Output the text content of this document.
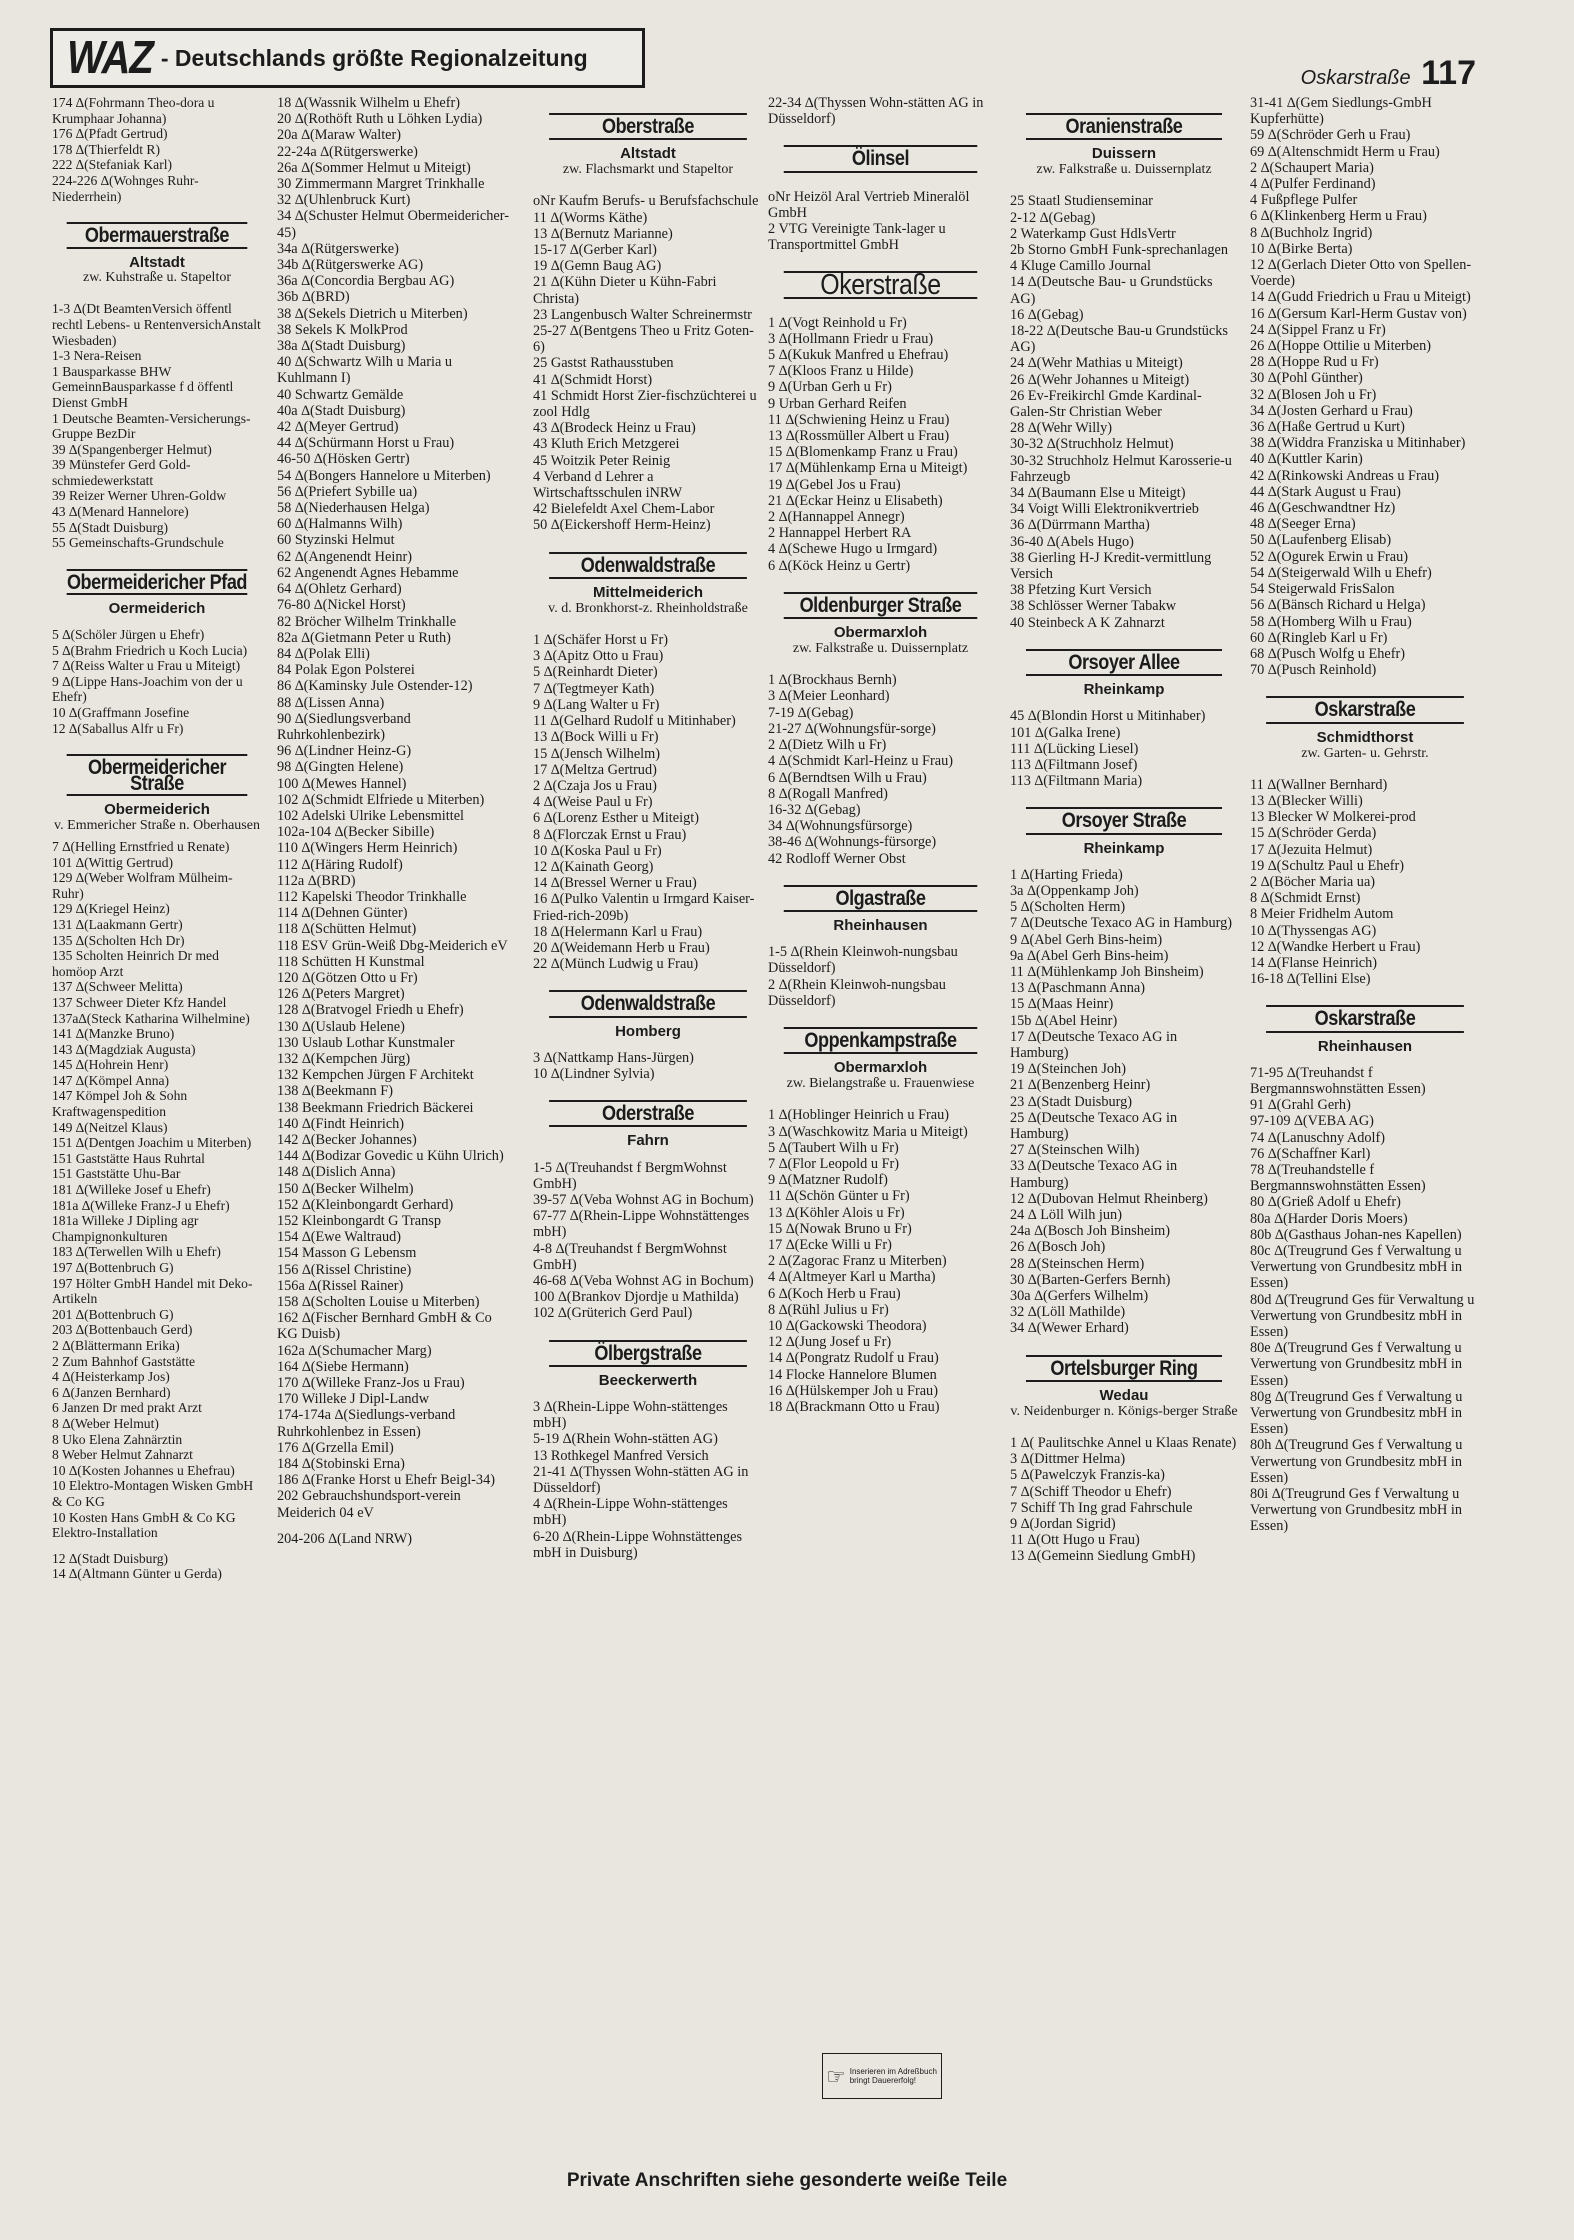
WAZ - Deutschlands größte Regionalzeitung
Oskarstraße 117
174 ∆(Fohrmann Theo-dora u Krumphaar Johanna)
176 ∆(Pfadt Gertrud)
178 ∆(Thierfeldt R)
222 ∆(Stefaniak Karl)
224-226 ∆(Wohnges Ruhr-Niederrhein)
Obermauerstraße
Altstadt
zw. Kuhstraße u. Stapeltor
1-3 ∆(Dt BeamtenVersich öffentl rechtl Lebens- u RentenversichAnstalt Wiesbaden)
1-3 Nera-Reisen
1 Bausparkasse BHW GemeinnBausparkasse f d öffentl Dienst GmbH
1 Deutsche Beamten-Versicherungs-Gruppe BezDir
39 ∆(Spangenberger Helmut)
39 Münstefer Gerd Gold-schmiedewerkstatt
39 Reizer Werner Uhren-Goldw
43 ∆(Menard Hannelore)
55 ∆(Stadt Duisburg)
55 Gemeinschafts-Grundschule
Obermeidericher Pfad
Oermeiderich
5 ∆(Schöler Jürgen u Ehefr)
5 ∆(Brahm Friedrich u Koch Lucia)
7 ∆(Reiss Walter u Frau u Miteigt)
9 ∆(Lippe Hans-Joachim von der u Ehefr)
10 ∆(Graffmann Josefine
12 ∆(Saballus Alfr u Fr)
Obermeidericher Straße
Obermeiderich
v. Emmericher Straße n. Oberhausen
7 ∆(Helling Ernstfried u Renate)
101 ∆(Wittig Gertrud)
129 ∆(Weber Wolfram Mülheim-Ruhr)
129 ∆(Kriegel Heinz)
131 ∆(Laakmann Gertr)
135 ∆(Scholten Hch Dr)
135 Scholten Heinrich Dr med homöop Arzt
137 ∆(Schweer Melitta)
137 Schweer Dieter Kfz Handel
137a∆(Steck Katharina Wilhelmine)
141 ∆(Manzke Bruno)
143 ∆(Magdziak Augusta)
145 ∆(Hohrein Henr)
147 ∆(Kömpel Anna)
147 Kömpel Joh & Sohn Kraftwagenspedition
149 ∆(Neitzel Klaus)
151 ∆(Dentgen Joachim u Miterben)
151 Gaststätte Haus Ruhrtal
151 Gaststätte Uhu-Bar
181 ∆(Willeke Josef u Ehefr)
181a ∆(Willeke Franz-J u Ehefr)
181a Willeke J Dipling agr Champignonkulturen
183 ∆(Terwellen Wilh u Ehefr)
197 ∆(Bottenbruch G)
197 Hölter GmbH Handel mit Deko-Artikeln
201 ∆(Bottenbruch G)
203 ∆(Bottenbauch Gerd)
2 ∆(Blättermann Erika)
2 Zum Bahnhof Gaststätte
4 ∆(Heisterkamp Jos)
6 ∆(Janzen Bernhard)
6 Janzen Dr med prakt Arzt
8 ∆(Weber Helmut)
8 Uko Elena Zahnärztin
8 Weber Helmut Zahnarzt
10 ∆(Kosten Johannes u Ehefrau)
10 Elektro-Montagen Wisken GmbH & Co KG
10 Kosten Hans GmbH & Co KG Elektro-Installation
12 ∆(Stadt Duisburg)
14 ∆(Altmann Günter u Gerda)
18 ∆(Wassnik Wilhelm u Ehefr)
20 ∆(Rothöft Ruth u Löhken Lydia)
20a ∆(Maraw Walter)
22-24a ∆(Rütgerswerke)
26a ∆(Sommer Helmut u Miteigt)
30 Zimmermann Margret Trinkhalle
32 ∆(Uhlenbruck Kurt)
34 ∆(Schuster Helmut Obermeidericher-45)
34a ∆(Rütgerswerke)
34b ∆(Rütgerswerke AG)
36a ∆(Concordia Bergbau AG)
36b ∆(BRD)
38 ∆(Sekels Dietrich u Miterben)
38 Sekels K MolkProd
38a ∆(Stadt Duisburg)
40 ∆(Schwartz Wilh u Maria u Kuhlmann I)
40 Schwartz Gemälde
40a ∆(Stadt Duisburg)
42 ∆(Meyer Gertrud)
44 ∆(Schürmann Horst u Frau)
46-50 ∆(Hösken Gertr)
54 ∆(Bongers Hannelore u Miterben)
56 ∆(Priefert Sybille ua)
58 ∆(Niederhausen Helga)
60 ∆(Halmanns Wilh)
60 Styzinski Helmut
62 ∆(Angenendt Heinr)
62 Angenendt Agnes Hebamme
64 ∆(Ohletz Gerhard)
76-80 ∆(Nickel Horst)
82 Bröcher Wilhelm Trinkhalle
82a ∆(Gietmann Peter u Ruth)
84 ∆(Polak Elli)
84 Polak Egon Polsterei
86 ∆(Kaminsky Jule Ostender-12)
88 ∆(Lissen Anna)
90 ∆(Siedlungsverband Ruhrkohlenbezirk)
96 ∆(Lindner Heinz-G)
98 ∆(Gingten Helene)
100 ∆(Mewes Hannel)
102 ∆(Schmidt Elfriede u Miterben)
102 Adelski Ulrike Lebensmittel
102a-104 ∆(Becker Sibille)
110 ∆(Wingers Herm Heinrich)
112 ∆(Häring Rudolf)
112a ∆(BRD)
112 Kapelski Theodor Trinkhalle
114 ∆(Dehnen Günter)
118 ∆(Schütten Helmut)
118 ESV Grün-Weiß Dbg-Meiderich eV
118 Schütten H Kunstmal
120 ∆(Götzen Otto u Fr)
126 ∆(Peters Margret)
128 ∆(Bratvogel Friedh u Ehefr)
130 ∆(Uslaub Helene)
130 Uslaub Lothar Kunstmaler
132 ∆(Kempchen Jürg)
132 Kempchen Jürgen F Architekt
138 ∆(Beekmann F)
138 Beekmann Friedrich Bäckerei
140 ∆(Findt Heinrich)
142 ∆(Becker Johannes)
144 ∆(Bodizar Govedic u Kühn Ulrich)
148 ∆(Dislich Anna)
150 ∆(Becker Wilhelm)
152 ∆(Kleinbongardt Gerhard)
152 Kleinbongardt G Transp
154 ∆(Ewe Waltraud)
154 Masson G Lebensm
156 ∆(Rissel Christine)
156a ∆(Rissel Rainer)
158 ∆(Scholten Louise u Miterben)
162 ∆(Fischer Bernhard GmbH & Co KG Duisb)
162a ∆(Schumacher Marg)
164 ∆(Siebe Hermann)
170 ∆(Willeke Franz-Jos u Frau)
170 Willeke J Dipl-Landw
174-174a ∆(Siedlungs-verband Ruhrkohlenbez in Essen)
176 ∆(Grzella Emil)
184 ∆(Stobinski Erna)
186 ∆(Franke Horst u Ehefr Beigl-34)
202 Gebrauchshundsport-verein Meiderich 04 eV
204-206 ∆(Land NRW)
Oberstraße
Altstadt
zw. Flachsmarkt und Stapeltor
oNr Kaufm Berufs- u Berufsfachschule
11 ∆(Worms Käthe)
13 ∆(Bernutz Marianne)
15-17 ∆(Gerber Karl)
19 ∆(Gemn Baug AG)
21 ∆(Kühn Dieter u Kühn-Fabri Christa)
23 Langenbusch Walter Schreinermstr
25-27 ∆(Bentgens Theo u Fritz Goten-6)
25 Gastst Rathausstuben
41 ∆(Schmidt Horst)
41 Schmidt Horst Zier-fischzüchterei u zool Hdlg
43 ∆(Brodeck Heinz u Frau)
43 Kluth Erich Metzgerei
45 Woitzik Peter Reinig
4 Verband d Lehrer a Wirtschaftsschulen iNRW
42 Bielefeldt Axel Chem-Labor
50 ∆(Eickershoff Herm-Heinz)
Odenwaldstraße
Mittelmeiderich
v. d. Bronkhorst-z. Rheinholdstraße
1 ∆(Schäfer Horst u Fr)
3 ∆(Apitz Otto u Frau)
5 ∆(Reinhardt Dieter)
7 ∆(Tegtmeyer Kath)
9 ∆(Lang Walter u Fr)
11 ∆(Gelhard Rudolf u Mitinhaber)
13 ∆(Bock Willi u Fr)
15 ∆(Jensch Wilhelm)
17 ∆(Meltza Gertrud)
2 ∆(Czaja Jos u Frau)
4 ∆(Weise Paul u Fr)
6 ∆(Lorenz Esther u Miteigt)
8 ∆(Florczak Ernst u Frau)
10 ∆(Koska Paul u Fr)
12 ∆(Kainath Georg)
14 ∆(Bressel Werner u Frau)
16 ∆(Pulko Valentin u Irmgard Kaiser-Fried-rich-209b)
18 ∆(Helermann Karl u Frau)
20 ∆(Weidemann Herb u Frau)
22 ∆(Münch Ludwig u Frau)
Odenwaldstraße
Homberg
3 ∆(Nattkamp Hans-Jürgen)
10 ∆(Lindner Sylvia)
Oderstraße
Fahrn
1-5 ∆(Treuhandst f BergmWohnst GmbH)
39-57 ∆(Veba Wohnst AG in Bochum)
67-77 ∆(Rhein-Lippe Wohnstättenges mbH)
4-8 ∆(Treuhandst f BergmWohnst GmbH)
46-68 ∆(Veba Wohnst AG in Bochum)
100 ∆(Brankov Djordje u Mathilda)
102 ∆(Grüterich Gerd Paul)
Ölbergstraße
Beeckerwerth
3 ∆(Rhein-Lippe Wohn-stättenges mbH)
5-19 ∆(Rhein Wohn-stätten AG)
13 Rothkegel Manfred Versich
21-41 ∆(Thyssen Wohn-stätten AG in Düsseldorf)
4 ∆(Rhein-Lippe Wohn-stättenges mbH)
6-20 ∆(Rhein-Lippe Wohnstättenges mbH in Duisburg)
22-34 ∆(Thyssen Wohn-stätten AG in Düsseldorf)
Ölinsel
oNr Heizöl Aral Vertrieb Mineralöl GmbH
2 VTG Vereinigte Tank-lager u Transportmittel GmbH
Okerstraße
1 ∆(Vogt Reinhold u Fr)
3 ∆(Hollmann Friedr u Frau)
5 ∆(Kukuk Manfred u Ehefrau)
7 ∆(Kloos Franz u Hilde)
9 ∆(Urban Gerh u Fr)
9 Urban Gerhard Reifen
11 ∆(Schwiening Heinz u Frau)
13 ∆(Rossmüller Albert u Frau)
15 ∆(Blomenkamp Franz u Frau)
17 ∆(Mühlenkamp Erna u Miteigt)
19 ∆(Gebel Jos u Frau)
21 ∆(Eckar Heinz u Elisabeth)
2 ∆(Hannappel Annegr)
2 Hannappel Herbert RA
4 ∆(Schewe Hugo u Irmgard)
6 ∆(Köck Heinz u Gertr)
Oldenburger Straße
Obermarxloh
zw. Falkstraße u. Duissernplatz
1 ∆(Brockhaus Bernh)
3 ∆(Meier Leonhard)
7-19 ∆(Gebag)
21-27 ∆(Wohnungsfür-sorge)
2 ∆(Dietz Wilh u Fr)
4 ∆(Schmidt Karl-Heinz u Frau)
6 ∆(Berndtsen Wilh u Frau)
8 ∆(Rogall Manfred)
16-32 ∆(Gebag)
34 ∆(Wohnungsfürsorge)
38-46 ∆(Wohnungs-fürsorge)
42 Rodloff Werner Obst
Olgastraße
Rheinhausen
1-5 ∆(Rhein Kleinwoh-nungsbau Düsseldorf)
2 ∆(Rhein Kleinwoh-nungsbau Düsseldorf)
Oppenkampstraße
Obermarxloh
zw. Bielangstraße u. Frauenwiese
1 ∆(Hoblinger Heinrich u Frau)
3 ∆(Waschkowitz Maria u Miteigt)
5 ∆(Taubert Wilh u Fr)
7 ∆(Flor Leopold u Fr)
9 ∆(Matzner Rudolf)
11 ∆(Schön Günter u Fr)
13 ∆(Köhler Alois u Fr)
15 ∆(Nowak Bruno u Fr)
17 ∆(Ecke Willi u Fr)
2 ∆(Zagorac Franz u Miterben)
4 ∆(Altmeyer Karl u Martha)
6 ∆(Koch Herb u Frau)
8 ∆(Rühl Julius u Fr)
10 ∆(Gackowski Theodora)
12 ∆(Jung Josef u Fr)
14 ∆(Pongratz Rudolf u Frau)
14 Flocke Hannelore Blumen
16 ∆(Hülskemper Joh u Frau)
18 ∆(Brackmann Otto u Frau)
Oranienstraße
Duissern
zw. Falkstraße u. Duissernplatz
25 Staatl Studienseminar
2-12 ∆(Gebag)
2 Waterkamp Gust HdlsVertr
2b Storno GmbH Funk-sprechanlagen
4 Kluge Camillo Journal
14 ∆(Deutsche Bau- u Grundstücks AG)
16 ∆(Gebag)
18-22 ∆(Deutsche Bau-u Grundstücks AG)
24 ∆(Wehr Mathias u Miteigt)
26 ∆(Wehr Johannes u Miteigt)
26 Ev-Freikirchl Gmde Kardinal-Galen-Str Christian Weber
28 ∆(Wehr Willy)
30-32 ∆(Struchholz Helmut)
30-32 Struchholz Helmut Karosserie-u Fahrzeugb
34 ∆(Baumann Else u Miteigt)
34 Voigt Willi Elektronikvertrieb
36 ∆(Dürrmann Martha)
36-40 ∆(Abels Hugo)
38 Gierling H-J Kredit-vermittlung Versich
38 Pfetzing Kurt Versich
38 Schlösser Werner Tabakw
40 Steinbeck A K Zahnarzt
Orsoyer Allee
Rheinkamp
45 ∆(Blondin Horst u Mitinhaber)
101 ∆(Galka Irene)
111 ∆(Lücking Liesel)
113 ∆(Filtmann Josef)
113 ∆(Filtmann Maria)
Orsoyer Straße
Rheinkamp
1 ∆(Harting Frieda)
3a ∆(Oppenkamp Joh)
5 ∆(Scholten Herm)
7 ∆(Deutsche Texaco AG in Hamburg)
9 ∆(Abel Gerh Bins-heim)
9a ∆(Abel Gerh Bins-heim)
11 ∆(Mühlenkamp Joh Binsheim)
13 ∆(Paschmann Anna)
15 ∆(Maas Heinr)
15b ∆(Abel Heinr)
17 ∆(Deutsche Texaco AG in Hamburg)
19 ∆(Steinchen Joh)
21 ∆(Benzenberg Heinr)
23 ∆(Stadt Duisburg)
25 ∆(Deutsche Texaco AG in Hamburg)
27 ∆(Steinschen Wilh)
33 ∆(Deutsche Texaco AG in Hamburg)
12 ∆(Dubovan Helmut Rheinberg)
24 ∆ Löll Wilh jun)
24a ∆(Bosch Joh Binsheim)
26 ∆(Bosch Joh)
28 ∆(Steinschen Herm)
30 ∆(Barten-Gerfers Bernh)
30a ∆(Gerfers Wilhelm)
32 ∆(Löll Mathilde)
34 ∆(Wewer Erhard)
Ortelsburger Ring
Wedau
v. Neidenburger n. Königs-berger Straße
1 ∆( Paulitschke Annel u Klaas Renate)
3 ∆(Dittmer Helma)
5 ∆(Pawelczyk Franzis-ka)
7 ∆(Schiff Theodor u Ehefr)
7 Schiff Th Ing grad Fahrschule
9 ∆(Jordan Sigrid)
11 ∆(Ott Hugo u Frau)
13 ∆(Gemeinn Siedlung GmbH)
31-41 ∆(Gem Siedlungs-GmbH Kupferhütte)
59 ∆(Schröder Gerh u Frau)
69 ∆(Altenschmidt Herm u Frau)
2 ∆(Schaupert Maria)
4 ∆(Pulfer Ferdinand)
4 Fußpflege Pulfer
6 ∆(Klinkenberg Herm u Frau)
8 ∆(Buchholz Ingrid)
10 ∆(Birke Berta)
12 ∆(Gerlach Dieter Otto von Spellen-Voerde)
14 ∆(Gudd Friedrich u Frau u Miteigt)
16 ∆(Gersum Karl-Herm Gustav von)
24 ∆(Sippel Franz u Fr)
26 ∆(Hoppe Ottilie u Miterben)
28 ∆(Hoppe Rud u Fr)
30 ∆(Pohl Günther)
32 ∆(Blosen Joh u Fr)
34 ∆(Josten Gerhard u Frau)
36 ∆(Haße Gertrud u Kurt)
38 ∆(Widdra Franziska u Mitinhaber)
40 ∆(Kuttler Karin)
42 ∆(Rinkowski Andreas u Frau)
44 ∆(Stark August u Frau)
46 ∆(Geschwandtner Hz)
48 ∆(Seeger Erna)
50 ∆(Laufenberg Elisab)
52 ∆(Ogurek Erwin u Frau)
54 ∆(Steigerwald Wilh u Ehefr)
54 Steigerwald FrisSalon
56 ∆(Bänsch Richard u Helga)
58 ∆(Homberg Wilh u Frau)
60 ∆(Ringleb Karl u Fr)
68 ∆(Pusch Wolfg u Ehefr)
70 ∆(Pusch Reinhold)
Oskarstraße
Schmidthorst
zw. Garten- u. Gehrstr.
11 ∆(Wallner Bernhard)
13 ∆(Blecker Willi)
13 Blecker W Molkerei-prod
15 ∆(Schröder Gerda)
17 ∆(Jezuita Helmut)
19 ∆(Schultz Paul u Ehefr)
2 ∆(Böcher Maria ua)
8 ∆(Schmidt Ernst)
8 Meier Fridhelm Autom
10 ∆(Thyssengas AG)
12 ∆(Wandke Herbert u Frau)
14 ∆(Flanse Heinrich)
16-18 ∆(Tellini Else)
Oskarstraße
Rheinhausen
71-95 ∆(Treuhandst f Bergmannswohnstätten Essen)
91 ∆(Grahl Gerh)
97-109 ∆(VEBA AG)
74 ∆(Lanuschny Adolf)
76 ∆(Schaffner Karl)
78 ∆(Treuhandstelle f Bergmannswohnstätten Essen)
80 ∆(Grieß Adolf u Ehefr)
80a ∆(Harder Doris Moers)
80b ∆(Gasthaus Johan-nes Kapellen)
80c ∆(Treugrund Ges f Verwaltung u Verwertung von Grundbesitz mbH in Essen)
80d ∆(Treugrund Ges für Verwaltung u Verwertung von Grundbesitz mbH in Essen)
80e ∆(Treugrund Ges f Verwaltung u Verwertung von Grundbesitz mbH in Essen)
80g ∆(Treugrund Ges f Verwaltung u Verwertung von Grundbesitz mbH in Essen)
80h ∆(Treugrund Ges f Verwaltung u Verwertung von Grundbesitz mbH in Essen)
80i ∆(Treugrund Ges f Verwaltung u Verwertung von Grundbesitz mbH in Essen)
☞ Inserieren im Adreßbuch bringt Dauererfolg!
Private Anschriften siehe gesonderte weiße Teile
